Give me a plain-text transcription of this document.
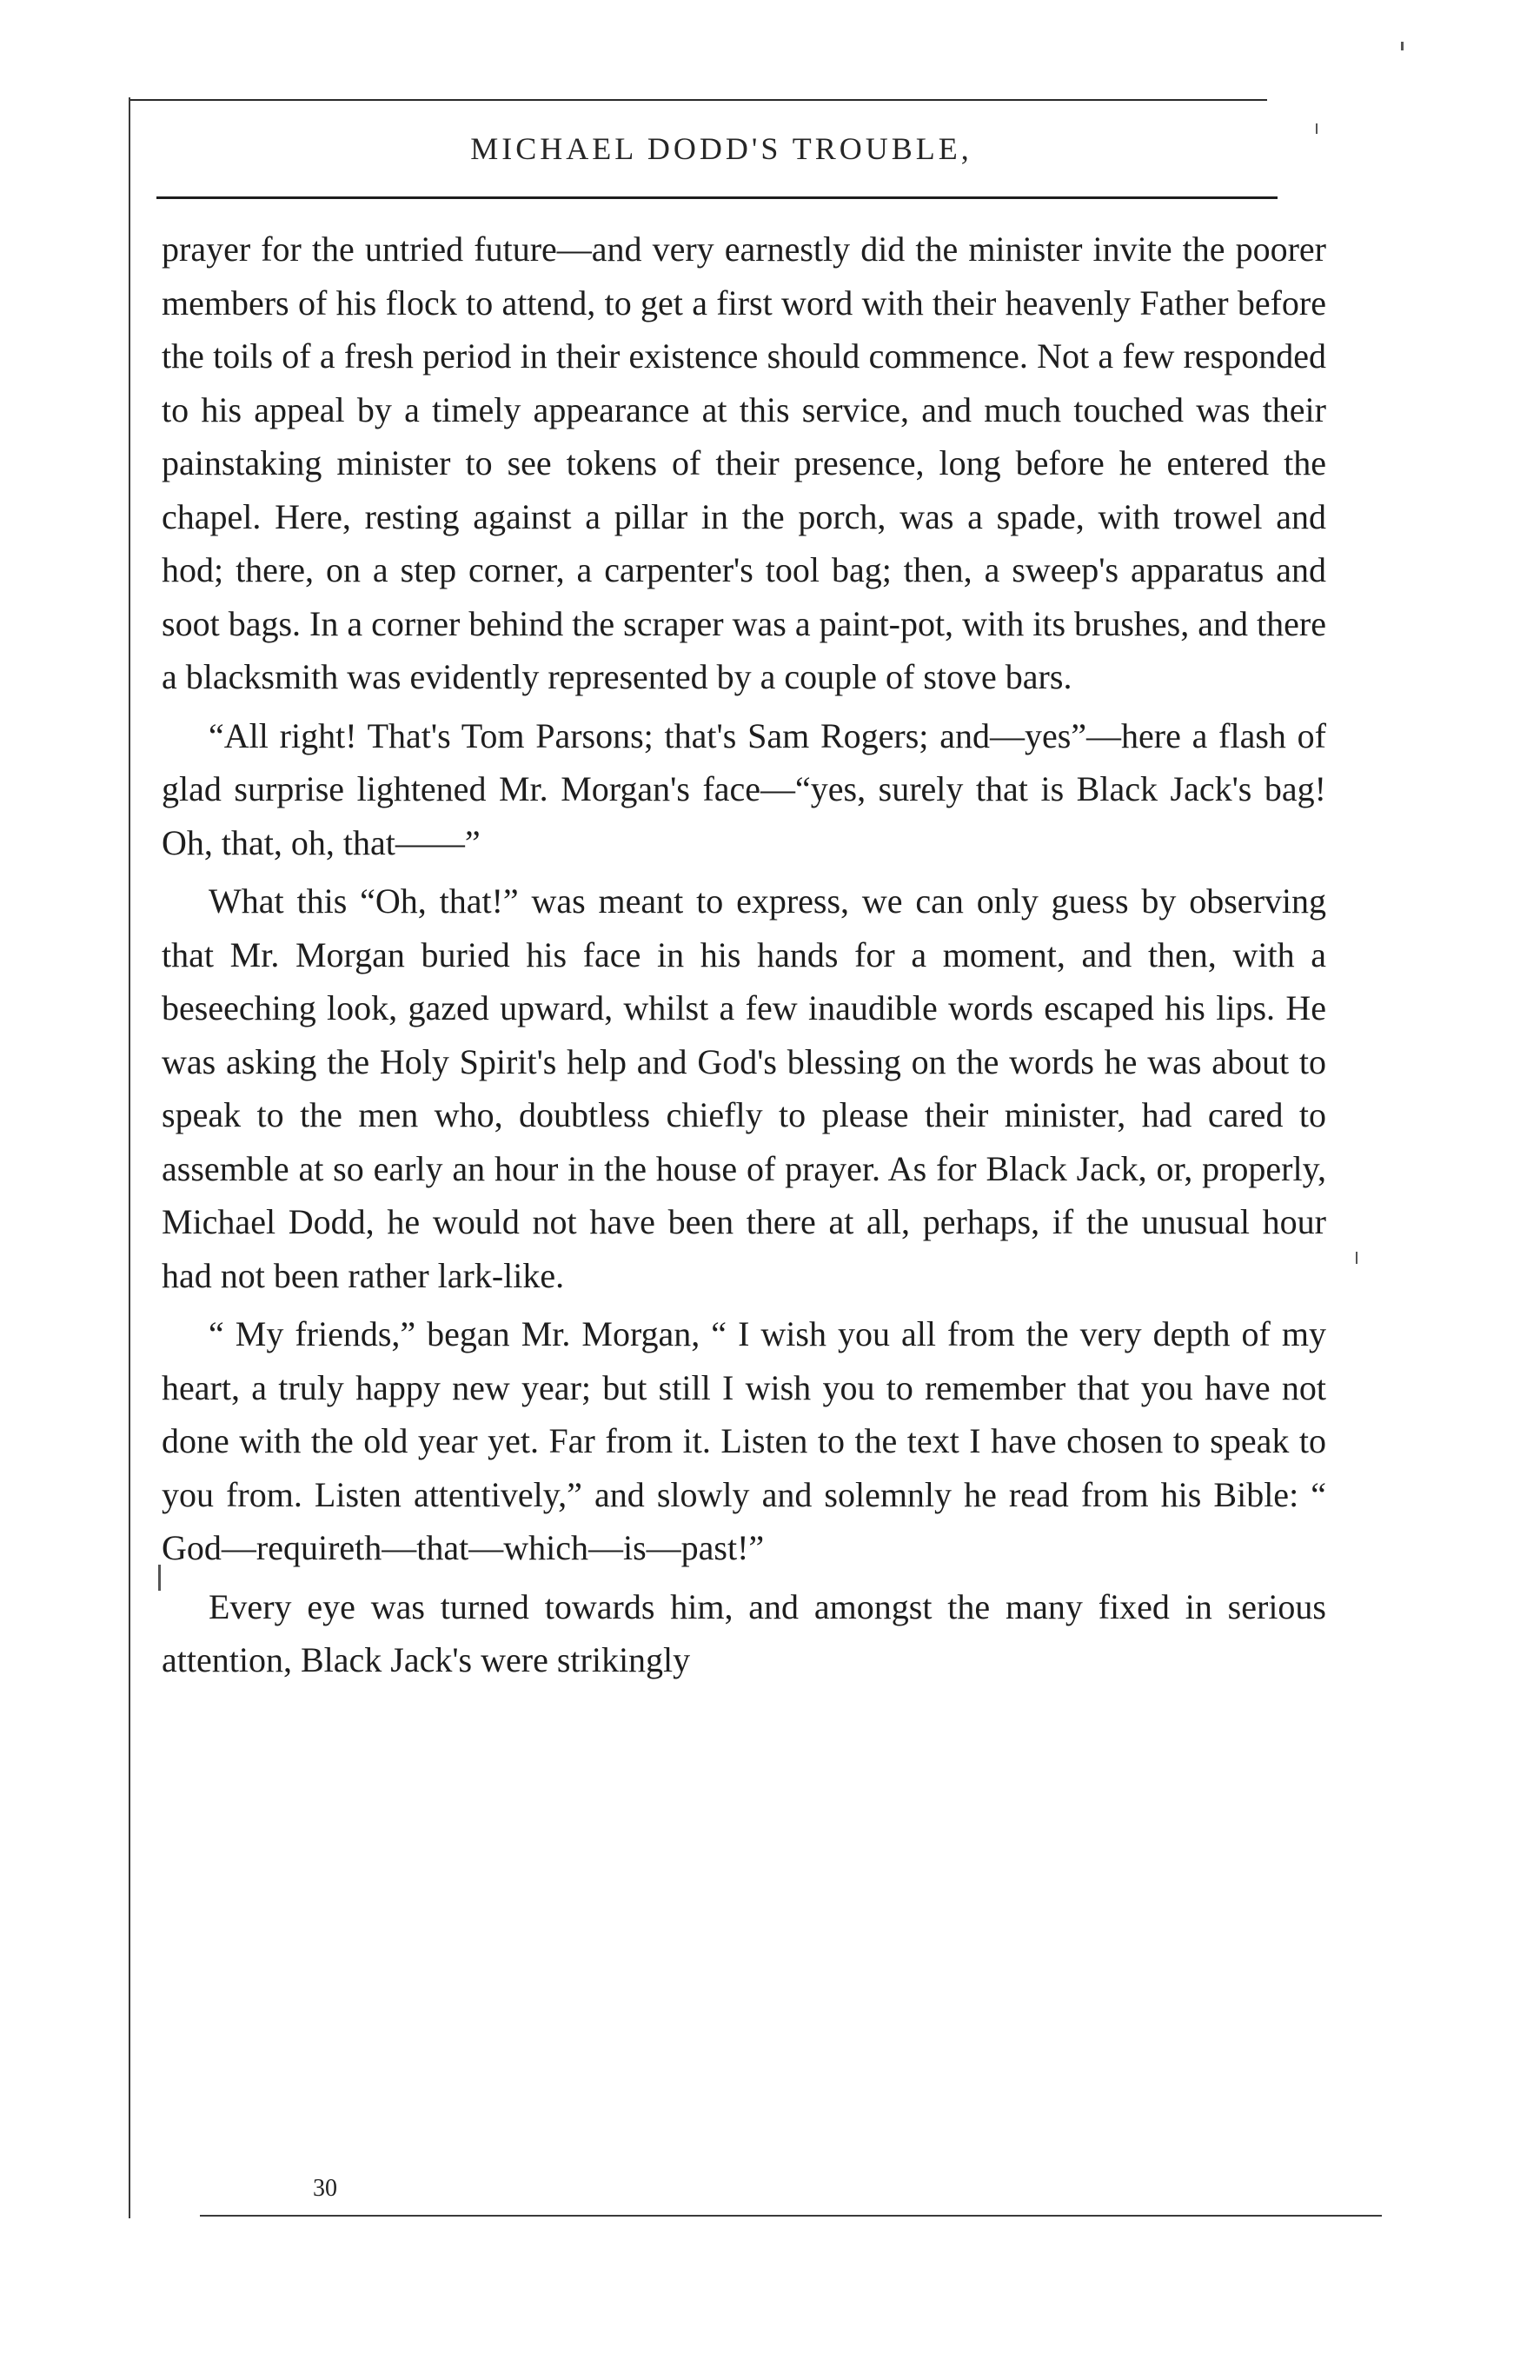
MICHAEL DODD'S TROUBLE,

prayer for the untried future—and very earnestly did the minister invite the poorer members of his flock to attend, to get a first word with their heavenly Father before the toils of a fresh period in their existence should commence. Not a few responded to his appeal by a timely appearance at this service, and much touched was their painstaking minister to see tokens of their presence, long before he entered the chapel. Here, resting against a pillar in the porch, was a spade, with trowel and hod; there, on a step corner, a carpenter's tool bag; then, a sweep's apparatus and soot bags. In a corner behind the scraper was a paint-pot, with its brushes, and there a blacksmith was evidently represented by a couple of stove bars.

“All right! That's Tom Parsons; that's Sam Rogers; and—yes”—here a flash of glad surprise lightened Mr. Morgan's face—“yes, surely that is Black Jack's bag! Oh, that, oh, that——”

What this “Oh, that!” was meant to express, we can only guess by observing that Mr. Morgan buried his face in his hands for a moment, and then, with a beseeching look, gazed upward, whilst a few inaudible words escaped his lips. He was asking the Holy Spirit's help and God's blessing on the words he was about to speak to the men who, doubtless chiefly to please their minister, had cared to assemble at so early an hour in the house of prayer. As for Black Jack, or, properly, Michael Dodd, he would not have been there at all, perhaps, if the unusual hour had not been rather lark-like.

“ My friends,” began Mr. Morgan, “ I wish you all from the very depth of my heart, a truly happy new year; but still I wish you to remember that you have not done with the old year yet. Far from it. Listen to the text I have chosen to speak to you from. Listen attentively,” and slowly and solemnly he read from his Bible: “ God—requireth—that—which—is—past!”

Every eye was turned towards him, and amongst the many fixed in serious attention, Black Jack's were strikingly

30
